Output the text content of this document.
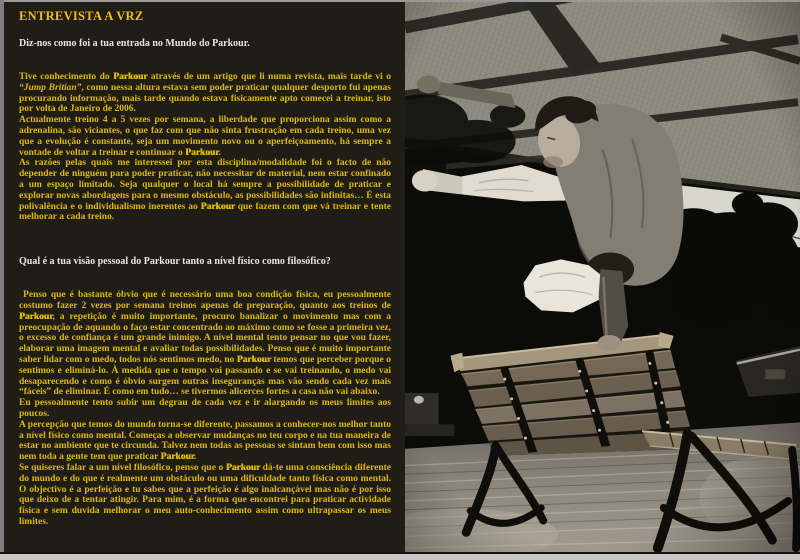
ENTREVISTA A VRZ

Diz-nos como foi a tua entrada no Mundo do Parkour.

Tive conhecimento do Parkour através de um artigo que li numa revista, mais tarde vi o “Jump Britian”, como nessa altura estava sem poder praticar qualquer desporto fui apenas procurando informação, mais tarde quando estava fisicamente apto comecei a treinar, isto por volta de Janeiro de 2006.

Actualmente treino 4 a 5 vezes por semana, a liberdade que proporciona assim como a adrenalina, são viciantes, o que faz com que não sinta frustração em cada treino, uma vez que a evolução é constante, seja um movimento novo ou o aperfeiçoamento, há sempre a vontade de voltar a treinar e continuar o Parkour.

As razões pelas quais me interessei por esta disciplina/modalidade foi o facto de não depender de ninguém para poder praticar, não necessitar de material, nem estar confinado a um espaço limitado. Seja qualquer o local há sempre a possibilidade de praticar e explorar novas abordagens para o mesmo obstáculo, as possibilidades são infinitas… É esta polivalência e o individualismo inerentes ao Parkour que fazem com que vá treinar e tente melhorar a cada treino.

Qual é a tua visão pessoal do Parkour tanto a nível físico como filosófico?

Penso que é bastante óbvio que é necessário uma boa condição física, eu pessoalmente costumo fazer 2 vezes por semana treinos apenas de preparação, quanto aos treinos de Parkour, a repetição é muito importante, procuro banalizar o movimento mas com a preocupação de aquando o faço estar concentrado ao máximo como se fosse a primeira vez, o excesso de confiança é um grande inimigo. A nível mental tento pensar no que vou fazer, elaborar uma imagem mental e avaliar todas possibilidades. Penso que é muito importante saber lidar com o medo, todos nós sentimos medo, no Parkour temos que perceber porque o sentimos e eliminá-lo. À medida que o tempo vai passando e se vai treinando, o medo vai desaparecendo e como é óbvio surgem outras inseguranças mas vão sendo cada vez mais “fáceis” de eliminar. É como em tudo… se tivermos alicerces fortes a casa não vai abaixo.

Eu pessoalmente tento subir um degrau de cada vez e ir alargando os meus limites aos poucos.

A percepção que temos do mundo torna-se diferente, passamos a conhecer-nos melhor tanto a nível físico como mental. Começas a observar mudanças no teu corpo e na tua maneira de estar no ambiente que te circunda. Talvez nem todas as pessoas se sintam bem com isso mas nem toda a gente tem que praticar Parkour.

Se quiseres falar a um nível filosófico, penso que o Parkour dá-te uma consciência diferente do mundo e do que é realmente um obstáculo ou uma dificuldade tanto física como mental. O objectivo é a perfeição e tu sabes que a perfeição é algo inalcançável mas não é por isso que deixo de a tentar atingir. Para mim, é a forma que encontrei para praticar actividade física e sem duvida melhorar o meu auto-conhecimento assim como ultrapassar os meus limites.
